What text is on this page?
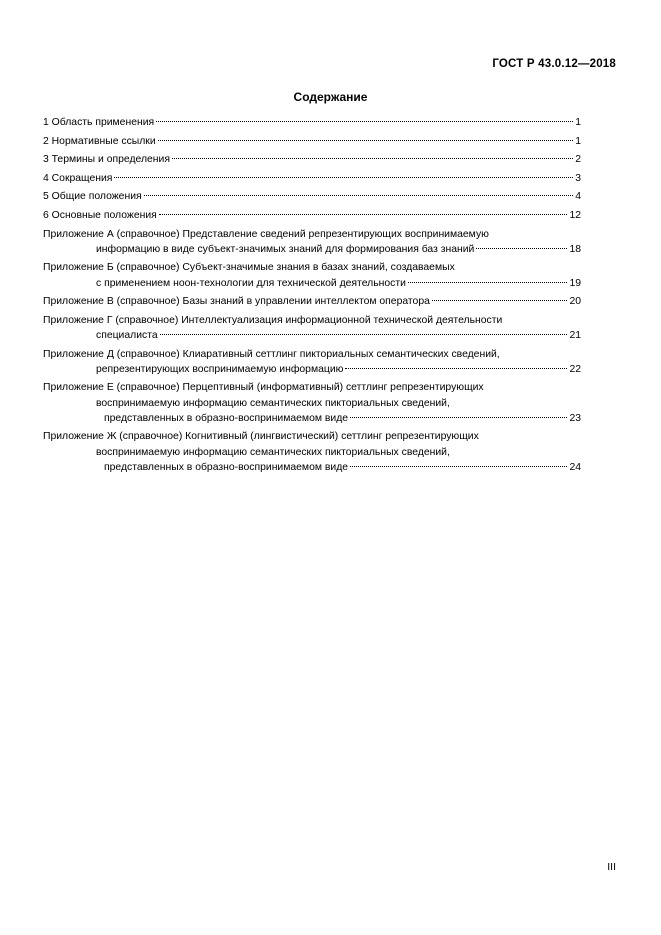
ГОСТ Р 43.0.12—2018
Содержание
1 Область применения	1
2 Нормативные ссылки	1
3 Термины и определения	2
4 Сокращения	3
5 Общие положения	4
6 Основные положения	12
Приложение А (справочное) Представление сведений репрезентирующих воспринимаемую
информацию в виде субъект-значимых знаний для формирования баз знаний	18
Приложение Б (справочное) Субъект-значимые знания в базах знаний, создаваемых
с применением ноон-технологии для технической деятельности	19
Приложение В (справочное) Базы знаний в управлении интеллектом оператора	20
Приложение Г (справочное) Интеллектуализация информационной технической деятельности
специалиста	21
Приложение Д (справочное) Клиаративный сеттлинг пикториальных семантических сведений,
репрезентирующих воспринимаемую информацию	22
Приложение Е (справочное) Перцептивный (информативный) сеттлинг репрезентирующих
воспринимаемую информацию семантических пикториальных сведений,
представленных в образно-воспринимаемом виде	23
Приложение Ж (справочное) Когнитивный (лингвистический) сеттлинг репрезентирующих
воспринимаемую информацию семантических пикториальных сведений,
представленных в образно-воспринимаемом виде	24
III
